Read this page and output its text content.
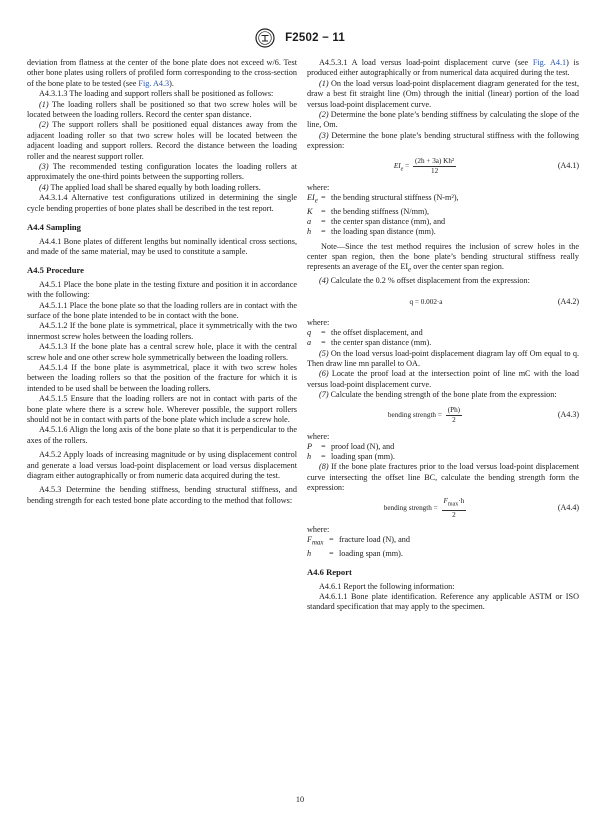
F2502 − 11

deviation from flatness at the center of the bone plate does not exceed w/6. Test other bone plates using rollers of profiled form corresponding to the cross-section of the bone plate to be tested (see Fig. A4.3).

A4.3.1.3 The loading and support rollers shall be positioned as follows:

(1) The loading rollers shall be positioned so that two screw holes will be located between the loading rollers. Record the center span distance.

(2) The support rollers shall be positioned equal distances away from the adjacent loading roller so that two screw holes will be located between the adjacent loading and support rollers. Record the distance between the loading roller and the nearest support roller.

(3) The recommended testing configuration locates the loading rollers at approximately the one-third points between the supporting rollers.

(4) The applied load shall be shared equally by both loading rollers.

A4.3.1.4 Alternative test configurations utilized in determining the single cycle bending properties of bone plates shall be described in the test report.

A4.4 Sampling

A4.4.1 Bone plates of different lengths but nominally identical cross sections, and made of the same material, may be used to constitute a sample.

A4.5 Procedure

A4.5.1 Place the bone plate in the testing fixture and position it in accordance with the following:

A4.5.1.1 Place the bone plate so that the loading rollers are in contact with the surface of the bone plate intended to be in contact with the bone.

A4.5.1.2 If the bone plate is symmetrical, place it symmetrically with the two innermost screw holes between the loading rollers.

A4.5.1.3 If the bone plate has a central screw hole, place it with the central screw hole and one other screw hole symmetrically between the loading rollers.

A4.5.1.4 If the bone plate is asymmetrical, place it with two screw holes between the loading rollers so that the position of the fracture for which it is intended to be used shall be between the loading rollers.

A4.5.1.5 Ensure that the loading rollers are not in contact with parts of the bone plate where there is a screw hole. Wherever possible, the support rollers should not be in contact with parts of the bone plate which include a screw hole.

A4.5.1.6 Align the long axis of the bone plate so that it is perpendicular to the axes of the rollers.

A4.5.2 Apply loads of increasing magnitude or by using displacement control and generate a load versus load-point displacement or load versus displacement diagram either autographically or from numeric data acquired during the test.

A4.5.3 Determine the bending stiffness, bending structural stiffness, and bending strength for each tested bone plate according to the method that follows:

A4.5.3.1 A load versus load-point displacement curve (see Fig. A4.1) is produced either autographically or from numerical data acquired during the test.

(1) On the load versus load-point displacement diagram generated for the test, draw a best fit straight line (Om) through the initial (linear) portion of the load versus load-point displacement curve.

(2) Determine the bone plate’s bending stiffness by calculating the slope of the line, Om.

(3) Determine the bone plate’s bending structural stiffness with the following expression:

$EI_e = \frac{\text{(2h + 3a) Kh²}}{12}$	(A4.1)

where:

$EI_e$ = the bending structural stiffness (N-m²),
K	= the bending stiffness (N/mm),
a	= the center span distance (mm), and
h	= the loading span distance (mm).

Note—Since the test method requires the inclusion of screw holes in the center span region, then the bone plate’s bending structural stiffness really represents an average of the $EI_e$ over the center span region.

(4) Calculate the 0.2 % offset displacement from the expression:

q = 0.002·a	(A4.2)

where:

q	= the offset displacement, and
a	= the center span distance (mm).

(5) On the load versus load-point displacement diagram lay off Om equal to q. Then draw line mn parallel to OA.

(6) Locate the proof load at the intersection point of line mC with the load versus load-point displacement curve.

(7) Calculate the bending strength of the bone plate from the expression:

bending strength = $\frac{(Ph)}{2}$	(A4.3)

where:

P	= proof load (N), and
h	= loading span (mm).

(8) If the bone plate fractures prior to the load versus load-point displacement curve intersecting the offset line BC, calculate the bending strength form the expression:

bending strength = $\frac{F_{max}\cdot h}{2}$	(A4.4)

where:

$F_{max}$ = fracture load (N), and
h	= loading span (mm).
A4.6 Report

A4.6.1 Report the following information:

A4.6.1.1 Bone plate identification. Reference any applicable ASTM or ISO standard specification that may apply to the specimen.

10
